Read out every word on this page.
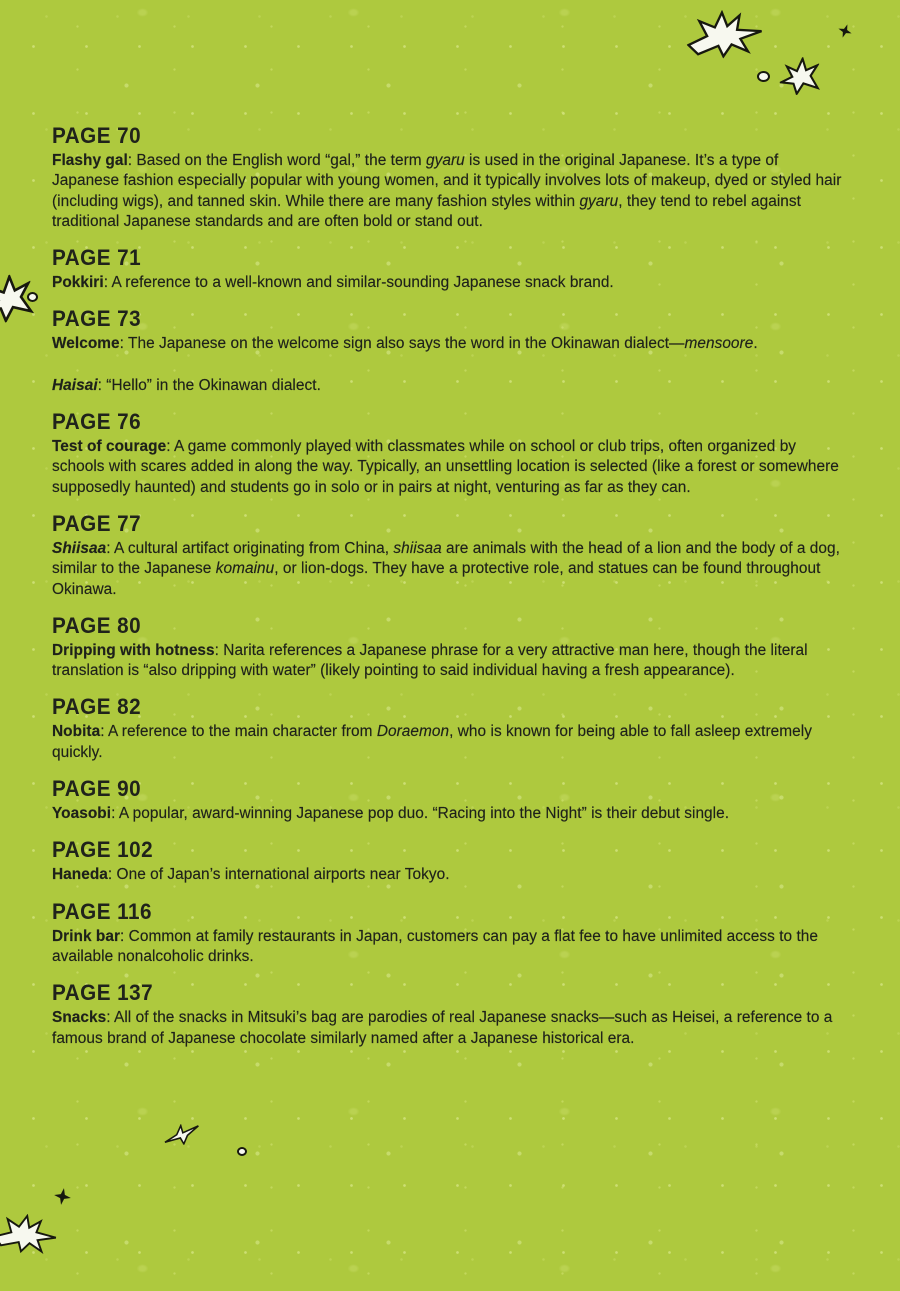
PAGE 70

Flashy gal: Based on the English word “gal,” the term gyaru is used in the original Japanese. It’s a type of Japanese fashion especially popular with young women, and it typically involves lots of makeup, dyed or styled hair (including wigs), and tanned skin. While there are many fashion styles within gyaru, they tend to rebel against traditional Japanese standards and are often bold or stand out.

PAGE 71

Pokkiri: A reference to a well-known and similar-sounding Japanese snack brand.

PAGE 73

Welcome: The Japanese on the welcome sign also says the word in the Okinawan dialect—mensoore.

Haisai: “Hello” in the Okinawan dialect.

PAGE 76

Test of courage: A game commonly played with classmates while on school or club trips, often organized by schools with scares added in along the way. Typically, an unsettling location is selected (like a forest or somewhere supposedly haunted) and students go in solo or in pairs at night, venturing as far as they can.

PAGE 77

Shiisaa: A cultural artifact originating from China, shiisaa are animals with the head of a lion and the body of a dog, similar to the Japanese komainu, or lion-dogs. They have a protective role, and statues can be found throughout Okinawa.

PAGE 80

Dripping with hotness: Narita references a Japanese phrase for a very attractive man here, though the literal translation is “also dripping with water” (likely pointing to said individual having a fresh appearance).

PAGE 82

Nobita: A reference to the main character from Doraemon, who is known for being able to fall asleep extremely quickly.

PAGE 90

Yoasobi: A popular, award-winning Japanese pop duo. “Racing into the Night” is their debut single.

PAGE 102

Haneda: One of Japan’s international airports near Tokyo.

PAGE 116

Drink bar: Common at family restaurants in Japan, customers can pay a flat fee to have unlimited access to the available nonalcoholic drinks.

PAGE 137

Snacks: All of the snacks in Mitsuki’s bag are parodies of real Japanese snacks—such as Heisei, a reference to a famous brand of Japanese chocolate similarly named after a Japanese historical era.
